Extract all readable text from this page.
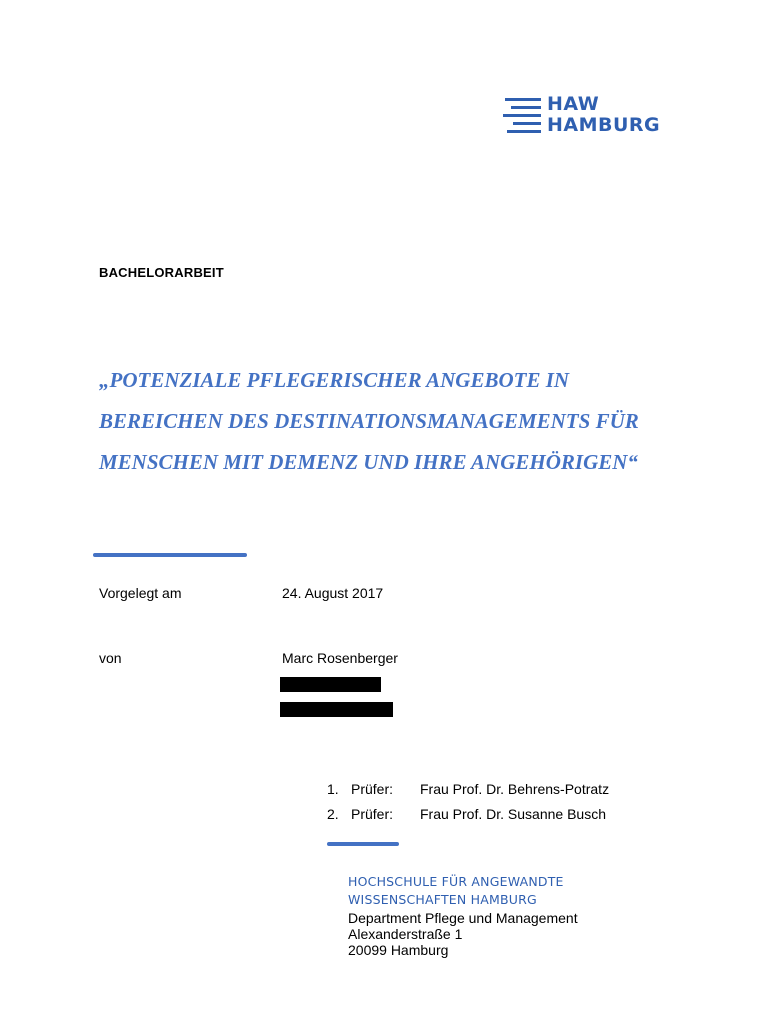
HAW
HAMBURG
BACHELORARBEIT
„POTENZIALE PFLEGERISCHER ANGEBOTE IN
BEREICHEN DES DESTINATIONSMANAGEMENTS FÜR
MENSCHEN MIT DEMENZ UND IHRE ANGEHÖRIGEN“
Vorgelegt am	24. August 2017
von	Marc Rosenberger
1. Prüfer: Frau Prof. Dr. Behrens-Potratz
2. Prüfer: Frau Prof. Dr. Susanne Busch
HOCHSCHULE FÜR ANGEWANDTE
WISSENSCHAFTEN HAMBURG
Department Pflege und Management
Alexanderstraße 1
20099 Hamburg
